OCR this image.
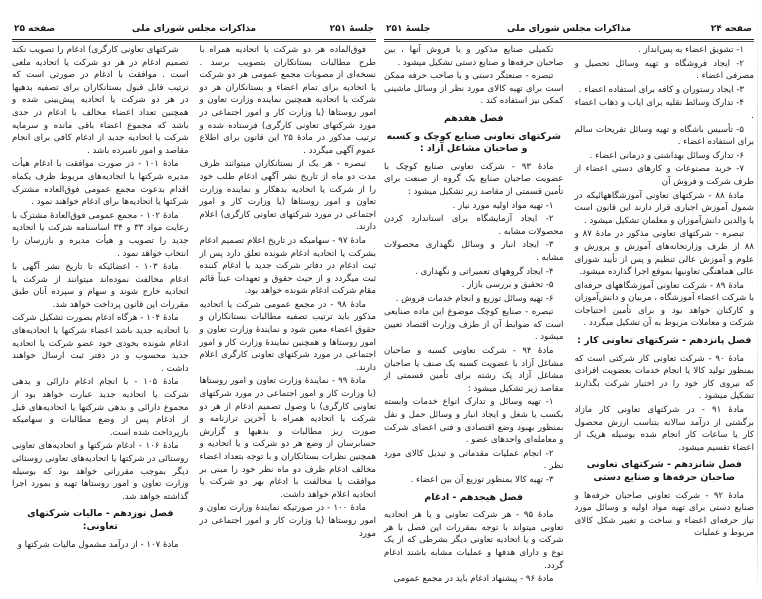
جلسهٔ ۲۵۱
مذاکرات مجلس شورای ملی
صفحه ۲۵

فوق‌الماده هر دو شرکت یا اتحادیه همراه با طرح مطالبات بستانکاران بتصویب برسد . نسخه‌ای از مصوبات مجمع عمومی هر دو شرکت یا اتحادیه برای تمام اعضاء و بستانکاران هر دو شرکت یا اتحادیه همچنین نماینده وزارت تعاون و امور روستاها (یا وزارت کار و امور اجتماعی در مورد شرکتهای تعاونی کارگری) فرستاده شده و ترتیب مذکور در مادهٔ ۲۵ این قانون برای اطلاع عموم آگهی میگردد .

تبصره - هر یک از بستانکاران میتوانند ظرف مدت دو ماه از تاریخ نشر آگهی ادغام طلب خود را از شرکت یا اتحادیه بدهکار و نماینده وزارت تعاون و امور روستاها (یا وزارت کار و امور اجتماعی در مورد شرکتهای تعاونی کارگری) اعلام دارند.

مادهٔ ۹۷ - سهامیکه در تاریخ اعلام تصمیم ادغام بشرکت یا اتحادیه ادغام شونده تعلق دارد پس از ثبت ادغام در دفاتر شرکت جدید یا ادغام کننده ثبت میگردد و از حیث حقوق و تعهدات عیناً قائم مقام شرکت ادغام شونده خواهد بود.

مادهٔ ۹۸ - در مجمع عمومی شرکت یا اتحادیه مذکور باید ترتیب تصفیه مطالبات بستانکاران و حقوق اعضاء معین شود و نمایندهٔ وزارت تعاون و امور روستاها و همچنین نمایندهٔ وزارت کار و امور اجتماعی در مورد شرکتهای تعاونی کارگری اعلام دارند.

مادهٔ ۹۹ - نمایندهٔ وزارت تعاون و امور روستاها (یا وزارت کار و امور اجتماعی در مورد شرکتهای تعاونی کارگری) با وصول تصمیم ادغام از هر دو شرکت یا اتحادیه همراه با آخرین ترازنامه و صورت ریز مطالبات و بدهیها و گزارش حسابرسان از وضع هر دو شرکت و یا اتحادیه و همچنین نظرات بستانکاران و با توجه بتعداد اعضاء مخالف ادغام ظرف دو ماه نظر خود را مبنی بر موافقت یا مخالفت با ادغام بهر دو شرکت یا اتحادیه اعلام خواهد داشت.

مادهٔ ۱۰۰ - در صورتیکه نمایندهٔ وزارت تعاون و امور روستاها (یا وزارت کار و امور اجتماعی در مورد

شرکتهای تعاونی کارگری) ادغام را تصویب نکند تصمیم ادغام در هر دو شرکت یا اتحادیه ملغی است . موافقت با ادغام در صورتی است که ترتیب قابل قبول بستانکاران برای تصفیه بدهیها در هر دو شرکت یا اتحادیه پیش‌بینی شده و همچنین تعداد اعضاء مخالف با ادغام در حدی باشد که مجموع اعضاء باقی مانده و سرمایه شرکت یا اتحادیه جدید از ادغام کافی برای انجام مقاصد و امور نامبرده باشد .

مادهٔ ۱۰۱ - در صورت موافقت با ادغام هیأت مدیره شرکتها یا اتحادیه‌های مربوط ظرف یکماه اقدام بدعوت مجمع عمومی فوق‌العاده مشترک شرکتها یا اتحادیه‌ها برای ادغام خواهند نمود .

مادهٔ ۱۰۲ - مجمع عمومی فوق‌العادهٔ مشترک با رعایت مواد ۳۳ و ۳۴ اساسنامه شرکت یا اتحادیه جدید را تصویب و هیأت مدیره و بازرسان را انتخاب خواهد نمود .

مادهٔ ۱۰۳ - اعضائیکه تا تاریخ نشر آگهی با ادغام مخالفت نموده‌اند میتوانند از شرکت یا اتحادیه خارج شوند و سهام و سپرده آنان طبق مقررات این قانون پرداخت خواهد شد.

مادهٔ ۱۰۴ - هرگاه ادغام بصورت تشکیل شرکت یا اتحادیه جدید باشد اعضاء شرکتها یا اتحادیه‌های ادغام شونده بخودی خود عضو شرکت یا اتحادیه جدید محسوب و در دفتر ثبت ارسال خواهند داشت .

مادهٔ ۱۰۵ - با انجام ادغام دارائی و بدهی شرکت یا اتحادیه جدید عبارت خواهد بود از مجموع دارائی و بدهی شرکتها یا اتحادیه‌های قبل از ادغام پس از وضع مطالبات و سهامیکه بازپرداخت شده است.

مادهٔ ۱۰۶ - ادغام شرکتها و اتحادیه‌های تعاونی روستائی در شرکتها یا اتحادیه‌های تعاونی روستائی دیگر بموجب مقرراتی خواهد بود که بوسیله وزارت تعاون و امور روستاها تهیه و بمورد اجرا گذاشته خواهد شد.

فصل نوزدهم - مالیات شرکتهای تعاونی:

مادهٔ ۱۰۷ - از درآمد مشمول مالیات شرکتها و

صفحه ۲۴
مذاکرات مجلس شورای ملی
جلسهٔ ۲۵۱

۱- تشویق اعضاء به پس‌انداز .

۲- ایجاد فروشگاه و تهیه وسائل تحصیل و مصرفی اعضاء .

۳- ایجاد رستوران و کافه برای استفاده اعضاء .

۴- تدارک وسائط نقلیه برای ایاب و ذهاب اعضاء .

۵- تأسیس باشگاه و تهیه وسائل تفریحات سالم برای استفاده اعضاء .

۶- تدارک وسائل بهداشتی و درمانی اعضاء .

۷- خرید مصنوعات و کارهای دستی اعضاء از طرف شرکت و فروش آن

مادهٔ ۸۸ - شرکتهای تعاونی آموزشگاههائیکه در شمول آموزش اجباری قرار دارند این قانون است یا والدین دانش‌آموزان و معلمان تشکیل میشود .

تبصره - شرکتهای تعاونی مذکور در مادهٔ ۸۷ و ۸۸ از طرف وزارتخانه‌های آموزش و پرورش و علوم و آموزش عالی تنظیم و پس از تأیید شورای عالی هماهنگی تعاونیها بموقع اجرا گذارده میشود.

مادهٔ ۸۹ - شرکت تعاونی آموزشگاههای حرفه‌ای با شرکت اعضاء آموزشگاه ، مربیان و دانش‌آموزان و کارکنان خواهد بود و برای تأمین احتیاجات شرکت و معاملات مربوط به آن تشکیل میگردد .

فصل پانزدهم - شرکتهای تعاونی کار :

مادهٔ ۹۰ - شرکت تعاونی کار شرکتی است که بمنظور تولید کالا یا انجام خدمات بعضویت افرادی که نیروی کار خود را در اختیار شرکت بگذارند تشکیل میشود .

مادهٔ ۹۱ - در شرکتهای تعاونی کار مازاد برگشتی از درآمد سالانه بتناسب ارزش محصول کار یا ساعات کار انجام شده بوسیله هریک از اعضاء تقسیم میشود.

فصل شانزدهم - شرکتهای تعاونی صاحبان حرفه‌ها و صنایع دستی

مادهٔ ۹۲ - شرکت تعاونی صاحبان حرفه‌ها و صنایع دستی برای تهیه مواد اولیه و وسائل مورد نیاز حرفه‌ای اعضاء و ساخت و تغییر شکل کالای مربوط و عملیات

تکمیلی صنایع مذکور و یا فروش آنها ، بین صاحبان حرفه‌ها و صنایع دستی تشکیل میشود .

تبصره - صنعتگر دستی و یا صاحب حرفه ممکن است برای تهیه کالای مورد نظر از وسائل ماشینی کمکی نیز استفاده کند .

فصل هفدهم

شرکتهای تعاونی صنایع کوچک و کسبه و صاحبان مشاغل آزاد :

مادهٔ ۹۳ - شرکت تعاونی صنایع کوچک با عضویت صاحبان صنایع یک گروه از صنعت برای تأمین قسمتی از مقاصد زیر تشکیل میشود :

۱- تهیه مواد اولیه مورد نیاز .

۲- ایجاد آزمایشگاه برای استاندارد کردن محصولات مشابه .

۳- ایجاد انبار و وسائل نگهداری محصولات مشابه .

۴- ایجاد گروههای تعمیراتی و نگهداری .

۵- تحقیق و بررسی بازار .

۶- تهیه وسائل توزیع و انجام خدمات فروش .

تبصره - صنایع کوچک موضوع این ماده صنایعی است که ضوابط آن از طرف وزارت اقتصاد تعیین میشود .

مادهٔ ۹۴ - شرکت تعاونی کسبه و صاحبان مشاغل آزاد با عضویت کسبه یک صنف یا صاحبان مشاغل آزاد یک رشته برای تأمین قسمتی از مقاصد زیر تشکیل میشود :

۱- تهیه وسائل و تدارک انواع خدمات وابسته بکسب یا شغل و ایجاد انبار و وسائل حمل و نقل بمنظور بهبود وضع اقتصادی و فنی اعضای شرکت و معامله‌ای واحدهای عضو .

۲- انجام عملیات مقدماتی و تبدیل کالای مورد نظر .

۳- تهیه کالا بمنظور توزیع آن بین اعضاء .

فصل هیجدهم - ادغام

مادهٔ ۹۵ - هر شرکت تعاونی و یا هر اتحادیه تعاونی میتواند با توجه بمقررات این فصل با هر شرکت و یا اتحادیه تعاونی دیگر بشرطی که از یک نوع و دارای هدفها و عملیات مشابه باشند ادغام گردد.

مادهٔ ۹۶ - پیشنهاد ادغام باید در مجمع عمومی
